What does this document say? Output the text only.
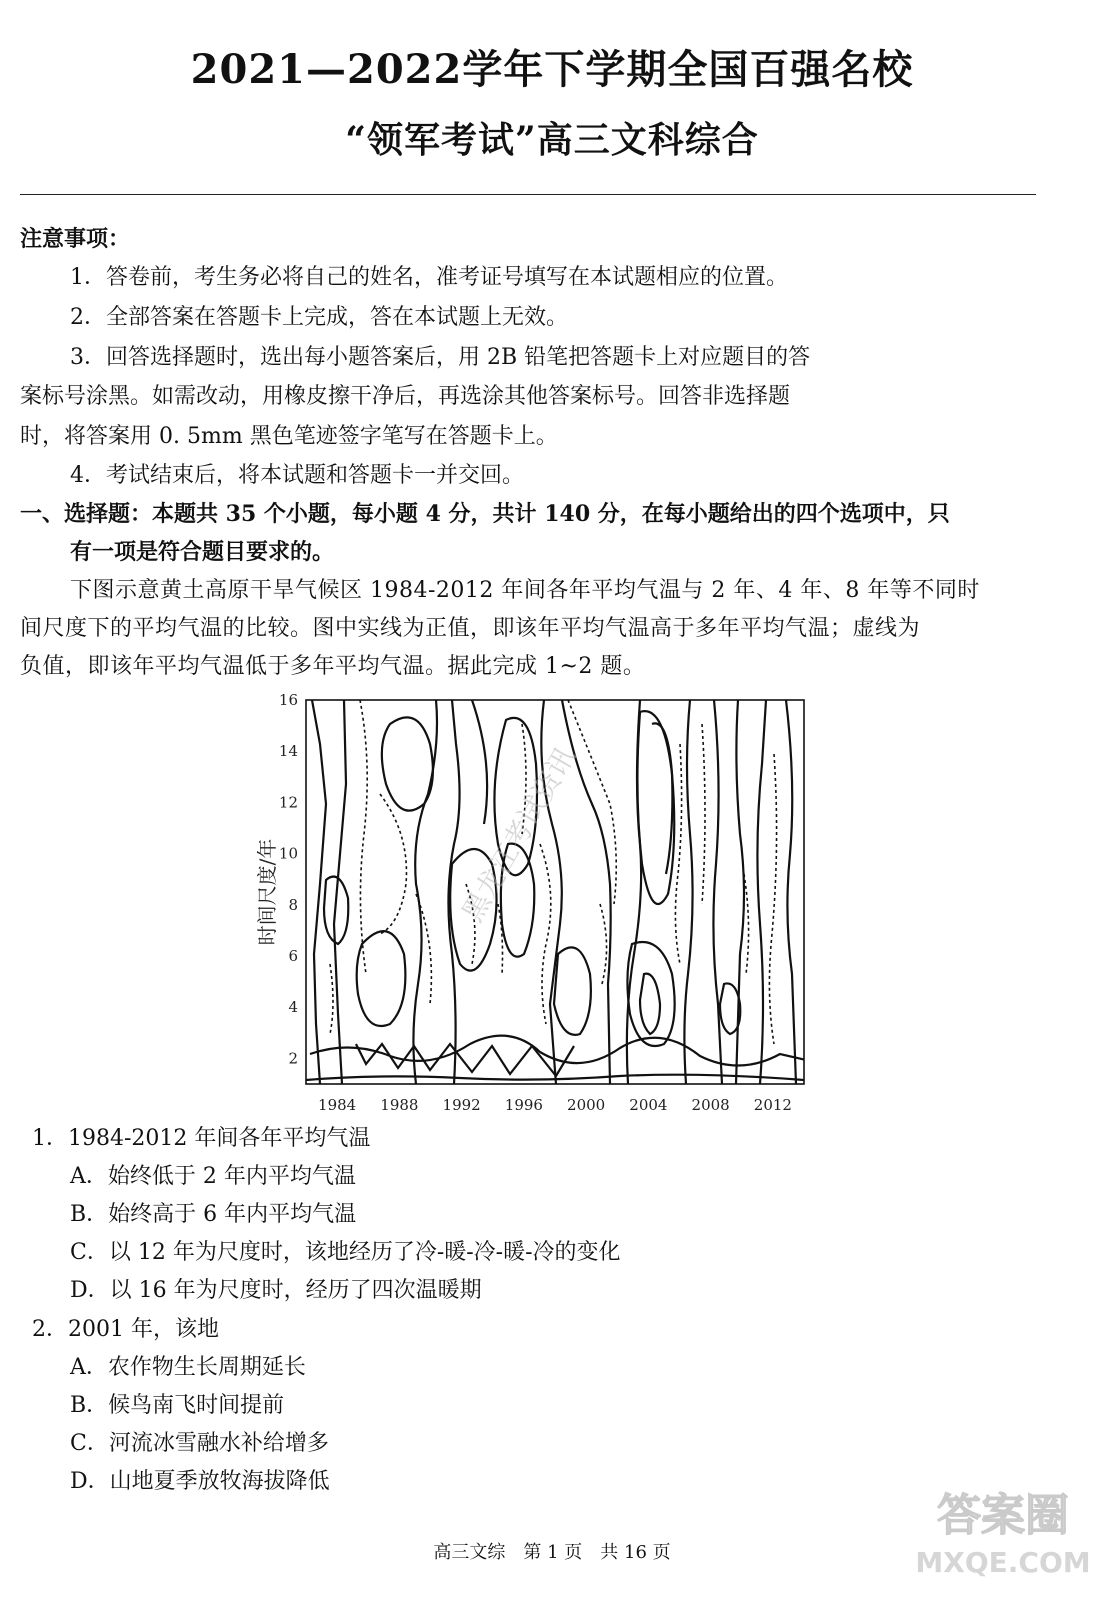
2021—2022学年下学期全国百强名校
“领军考试”高三文科综合
注意事项：
1．答卷前，考生务必将自己的姓名，准考证号填写在本试题相应的位置。
2．全部答案在答题卡上完成，答在本试题上无效。
3．回答选择题时，选出每小题答案后，用 2B 铅笔把答题卡上对应题目的答
案标号涂黑。如需改动，用橡皮擦干净后，再选涂其他答案标号。回答非选择题
时，将答案用 0. 5mm 黑色笔迹签字笔写在答题卡上。
4．考试结束后，将本试题和答题卡一并交回。
一、选择题：本题共 35 个小题，每小题 4 分，共计 140 分，在每小题给出的四个选项中，只
有一项是符合题目要求的。
下图示意黄土高原干旱气候区 1984-2012 年间各年平均气温与 2 年、4 年、8 年等不同时
间尺度下的平均气温的比较。图中实线为正值，即该年平均气温高于多年平均气温；虚线为
负值，即该年平均气温低于多年平均气温。据此完成 1~2 题。
时间尺度/年
2
4
6
8
10
12
14
16
1984 1988 1992 1996 2000 2004 2008 2012
黑龙江考试资讯
1．1984-2012 年间各年平均气温
A．始终低于 2 年内平均气温
B．始终高于 6 年内平均气温
C．以 12 年为尺度时，该地经历了冷-暖-冷-暖-冷的变化
D．以 16 年为尺度时，经历了四次温暖期
2．2001 年，该地
A．农作物生长周期延长
B．候鸟南飞时间提前
C．河流冰雪融水补给增多
D．山地夏季放牧海拔降低
高三文综　第 1 页　共 16 页
答案圈
MXQE.COM
